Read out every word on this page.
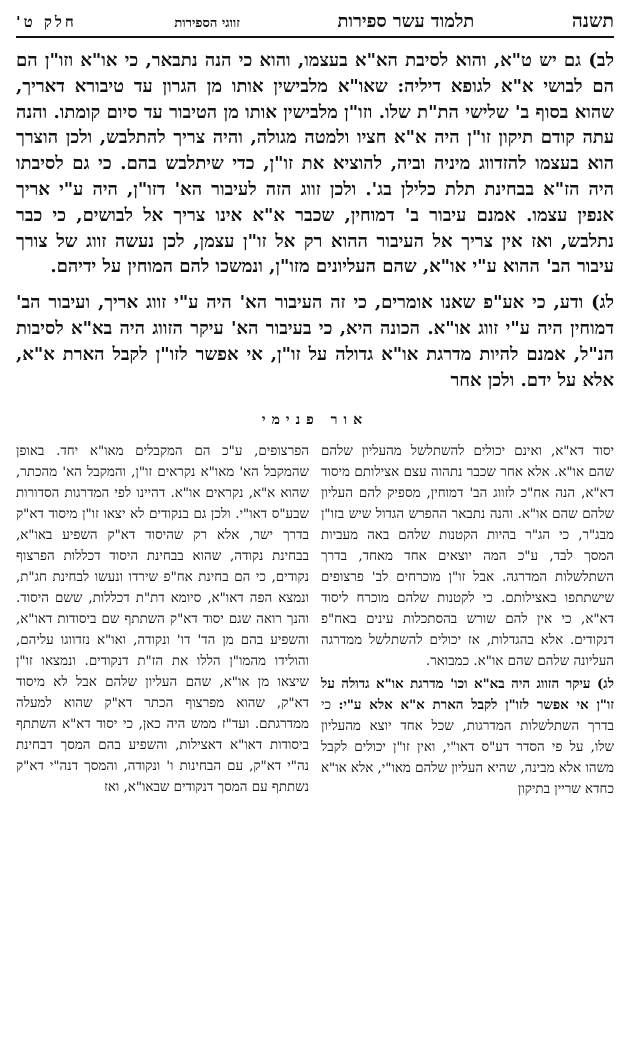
תשנה
תלמוד עשר ספירות
זווגי הספירות
חלק ט'

לב) גם יש ט"א, והוא לסיבת הא"א בעצמו, והוא כי הנה נתבאר, כי או"א וזו"ן הם הם לבושי א"א לגופא דיליה: שאו"א מלבישין אותו מן הגרון עד טיבורא דאריך, שהוא בסוף ב' שלישי הת"ת שלו. וזו"ן מלבישין אותו מן הטיבור עד סיום קומתו. והנה עתה קודם תיקון זו"ן היה א"א חציו ולמטה מגולה, והיה צריך להתלבש, ולכן הוצרך הוא בעצמו להזדווג מיניה וביה, להוציא את זו"ן, כדי שיתלבש בהם. כי גם לסיבתו היה הז"א בבחינת תלת כלילן בג'. ולכן זווג הזה לעיבור הא' דזו"ן, היה ע"י אריך אנפין עצמו. אמנם עיבור ב' דמוחין, שכבר א"א אינו צריך אל לבושים, כי כבר נתלבש, ואז אין צריך אל העיבור ההוא רק אל זו"ן עצמן, לכן נעשה זווג של צורך עיבור הב' ההוא ע"י או"א, שהם העליונים מזו"ן, ונמשכו להם המוחין על ידיהם.

לג) ודע, כי אע"פ שאנו אומרים, כי זה העיבור הא' היה ע"י זווג אריך, ועיבור הב' דמוחין היה ע"י זווג או"א. הכונה היא, כי בעיבור הא' עיקר הזווג היה בא"א לסיבות הנ"ל, אמנם להיות מדרגת או"א גדולה על זו"ן, אי אפשר לזו"ן לקבל הארת א"א, אלא על ידם. ולכן אחר

אור פנימי

יסוד דא"א, ואינם יכולים להשתלשל מהעליון שלהם שהם או"א. אלא אחר שכבר נתהוה עצם אצילותם מיסוד דא"א, הנה אח"כ לזווג הב' דמוחין, מספיק להם העליון שלהם שהם או"א. והנה נתבאר ההפרש הגדול שיש בזו"ן מבג"ר, כי הג"ר בהיות הקטנות שלהם באה מעביות המסך לבד, ע"כ המה יוצאים אחד מאחד, בדרך השתלשלות המדרגה. אבל זו"ן מוכרחים לב' פרצופים שישתתפו באצילותם. כי לקטנות שלהם מוכרח ליסוד דא"א, כי אין להם שורש בהסתכלות עינים באח"פ דנקודים. אלא בהגדלות, אז יכולים להשתלשל ממדרגה העליונה שלהם שהם או"א. כמבואר.

לג) עיקר הזווג היה בא"א וכו' מדרגת או"א גדולה על זו"ן אי אפשר לזו"ן לקבל הארת א"א אלא ע"י: כי בדרך השתלשלות המדרגות, שכל אחד יוצא מהעליון שלו, על פי הסדר דע"ס דאו"י, ואין זו"ן יכולים לקבל משהו אלא מבינה, שהיא העליון שלהם מאו"י, אלא או"א כחדא שריין בתיקון

הפרצופים, ע"כ הם המקבלים מאו"א יחד. באופן שהמקבל הא' מאו"א נקראים זו"ן, והמקבל הא' מהכתר, שהוא א"א, נקראים או"א. דהיינו לפי המדרגות הסדורות שבע"ס דאו"י. ולכן גם בנקודים לא יצאו זו"ן מיסוד דא"ק בדרך ישר, אלא רק שהיסוד דא"ק השפיע באו"א, בבחינת נקודה, שהוא בבחינת היסוד דכללות הפרצוף נקודים, כי הם בחינת אח"פ שירדו ונעשו לבחינת חג"ת, ונמצא הפה דאו"א, סיומא דת"ת דכללות, ששם היסוד. והנך רואה שגם יסוד דא"ק השתתף שם ביסודות דאו"א, והשפיע בהם מן הד' דו' ונקודה, ואו"א נזדווגו עליהם, והולידו מהמו"ן הללו את הז"ת דנקודים. ונמצאו זו"ן שיצאו מן או"א, שהם העליון שלהם אבל לא מיסוד דא"ק, שהוא מפרצוף הכתר דא"ק שהוא למעלה ממדרגתם. ועד"ז ממש היה כאן, כי יסוד דא"א השתתף ביסודות דאו"א דאצילות, והשפיע בהם המסך דבחינת נה"י דא"ק, עם הבחינות ו' ונקודה, והמסך דנה"י דא"ק נשתתף עם המסך דנקודים שבאו"א, ואז
